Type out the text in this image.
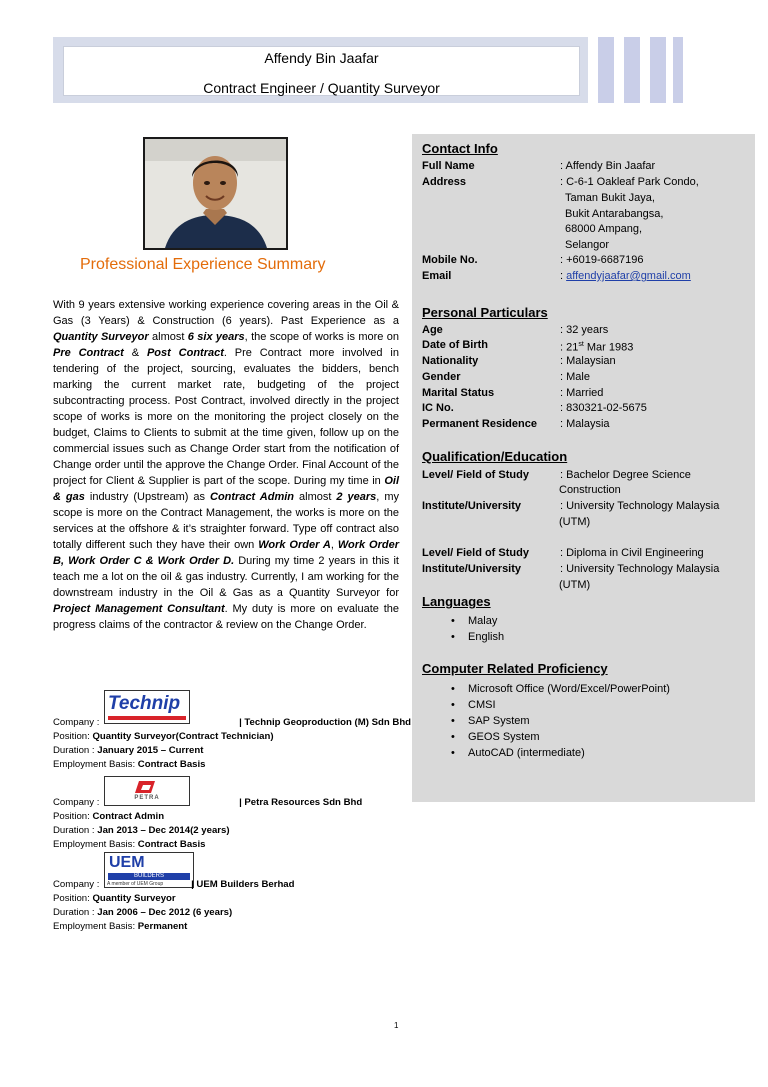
Affendy Bin Jaafar
Contract Engineer / Quantity Surveyor
Professional Experience Summary
With 9 years extensive working experience covering areas in the Oil & Gas (3 Years) & Construction (6 years). Past Experience as a Quantity Surveyor almost 6 six years, the scope of works is more on Pre Contract & Post Contract. Pre Contract more involved in tendering of the project, sourcing, evaluates the bidders, bench marking the current market rate, budgeting of the project subcontracting process. Post Contract, involved directly in the project scope of works is more on the monitoring the project closely on the budget, Claims to Clients to submit at the time given, follow up on the commercial issues such as Change Order start from the notification of Change order until the approve the Change Order. Final Account of the project for Client & Supplier is part of the scope. During my time in Oil & gas industry (Upstream) as Contract Admin almost 2 years, my scope is more on the Contract Management, the works is more on the services at the offshore & it’s straighter forward. Type off contract also totally different such they have their own Work Order A, Work Order B, Work Order C & Work Order D. During my time 2 years in this it teach me a lot on the oil & gas industry. Currently, I am working for the downstream industry in the Oil & Gas as a Quantity Surveyor for Project Management Consultant. My duty is more on evaluate the progress claims of the contractor & review on the Change Order.
Technip
PETRA
UEM
BUILDERS
A member of UEM Group
Company :	| Technip Geoproduction (M) Sdn Bhd
Position: Quantity Surveyor(Contract Technician)
Duration : January 2015 – Current
Employment Basis: Contract Basis
Company :	| Petra Resources Sdn Bhd
Position: Contract Admin
Duration : Jan 2013 – Dec 2014(2 years)
Employment Basis: Contract Basis
Company :	| UEM Builders Berhad
Position: Quantity Surveyor
Duration : Jan 2006 – Dec 2012 (6 years)
Employment Basis: Permanent
Contact Info
Full Name	: Affendy Bin Jaafar
Address	: C-6-1 Oakleaf Park Condo,
Taman Bukit Jaya,
Bukit Antarabangsa,
68000 Ampang,
Selangor
Mobile No.	: +6019-6687196
Email	: affendyjaafar@gmail.com
Personal Particulars
Age	: 32 years
Date of Birth	: 21st Mar 1983
Nationality	: Malaysian
Gender	: Male
Marital Status	: Married
IC No.	: 830321-02-5675
Permanent Residence : Malaysia
Qualification/Education
Level/ Field of Study	: Bachelor Degree Science
Construction
Institute/University	: University Technology Malaysia
(UTM)
Level/ Field of Study	: Diploma in Civil Engineering
Institute/University	: University Technology Malaysia
(UTM)
Languages
• Malay
• English
Computer Related Proficiency
• Microsoft Office (Word/Excel/PowerPoint)
• CMSI
• SAP System
• GEOS System
• AutoCAD (intermediate)
1
